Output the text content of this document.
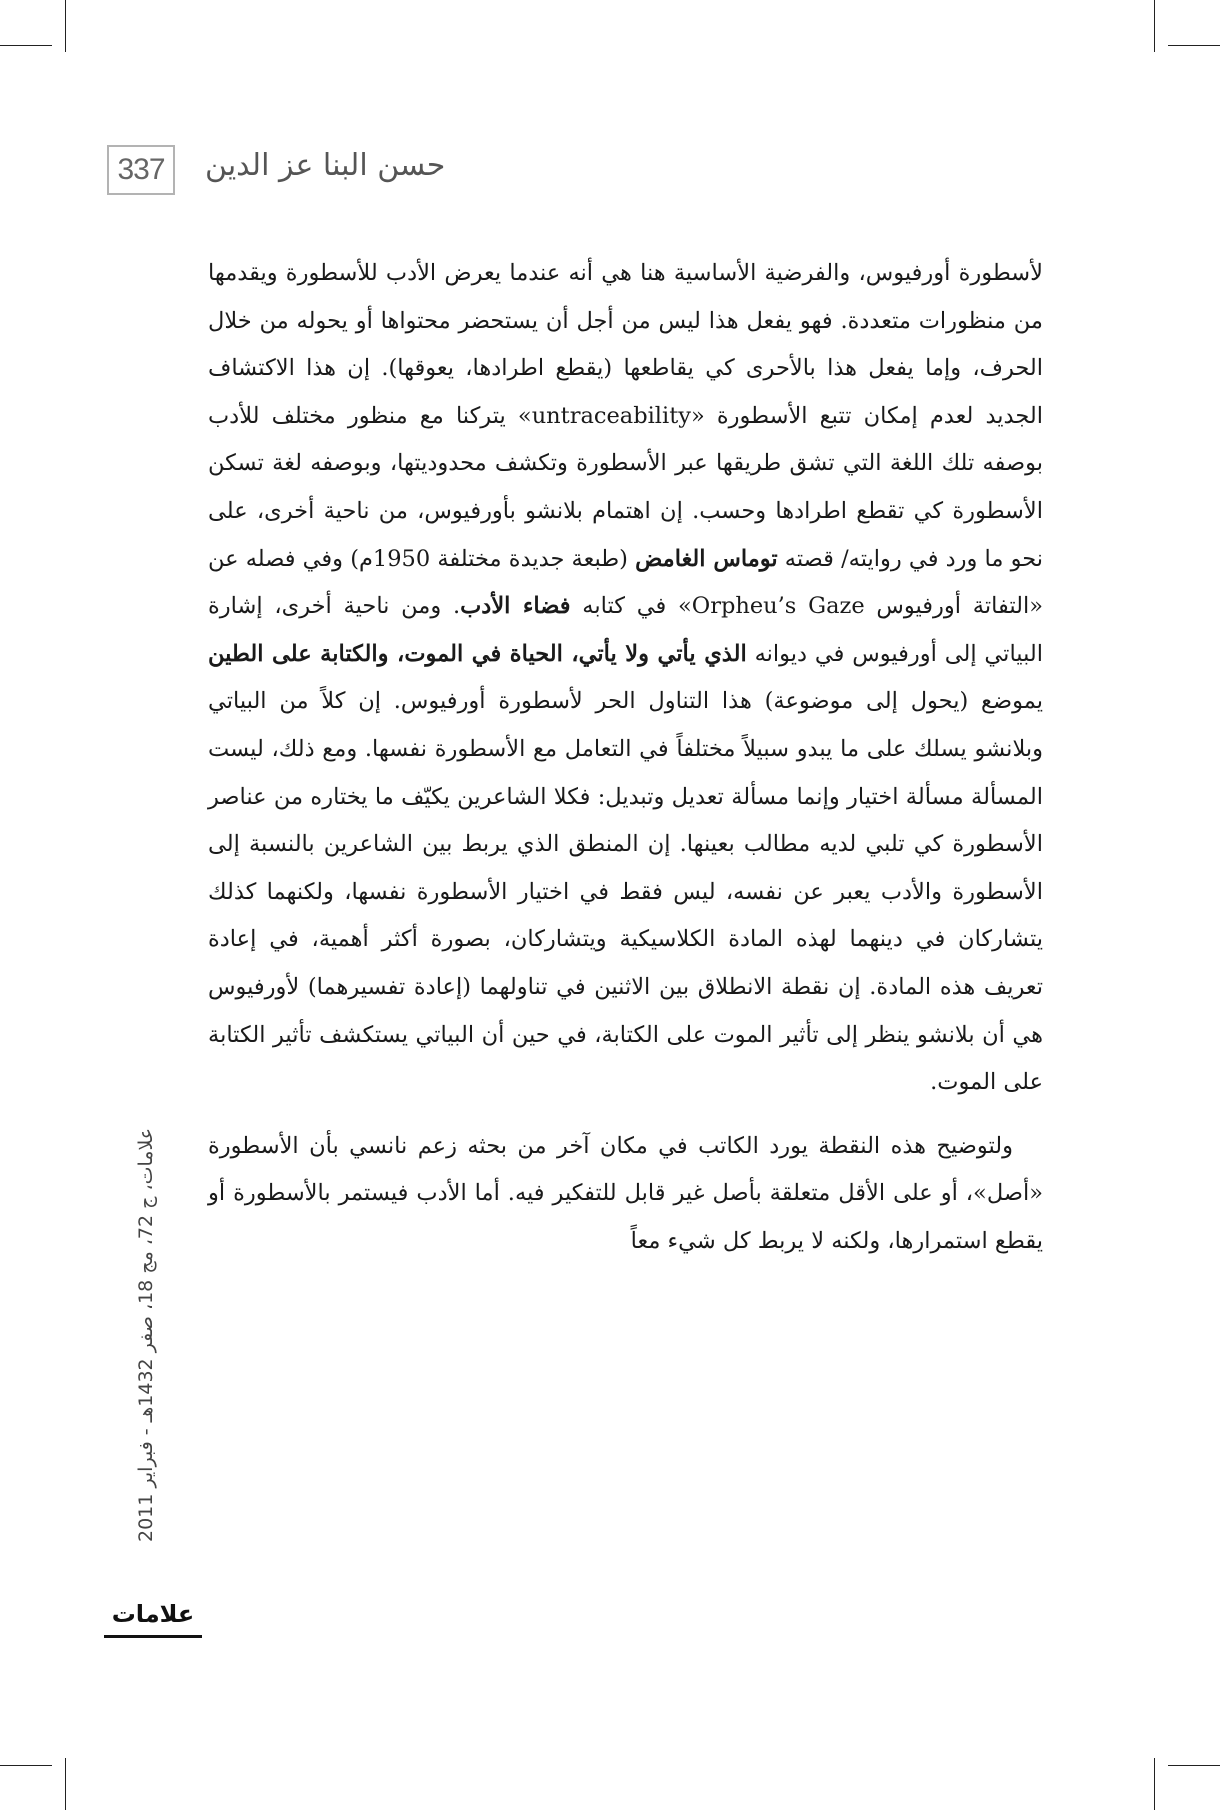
337	حسن البنا عز الدين

لأسطورة أورفيوس، والفرضية الأساسية هنا هي أنه عندما يعرض الأدب للأسطورة ويقدمها من منظورات متعددة. فهو يفعل هذا ليس من أجل أن يستحضر محتواها أو يحوله من خلال الحرف، وإما يفعل هذا بالأحرى كي يقاطعها (يقطع اطرادها، يعوقها). إن هذا الاكتشاف الجديد لعدم إمكان تتبع الأسطورة «untraceability» يتركنا مع منظور مختلف للأدب بوصفه تلك اللغة التي تشق طريقها عبر الأسطورة وتكشف محدوديتها، وبوصفه لغة تسكن الأسطورة كي تقطع اطرادها وحسب. إن اهتمام بلانشو بأورفيوس، من ناحية أخرى، على نحو ما ورد في روايته/ قصته توماس الغامض (طبعة جديدة مختلفة 1950م) وفي فصله عن «التفاتة أورفيوس Orpheu’s Gaze» في كتابه فضاء الأدب. ومن ناحية أخرى، إشارة البياتي إلى أورفيوس في ديوانه الذي يأتي ولا يأتي، الحياة في الموت، والكتابة على الطين يموضع (يحول إلى موضوعة) هذا التناول الحر لأسطورة أورفيوس. إن كلاً من البياتي وبلانشو يسلك على ما يبدو سبيلاً مختلفاً في التعامل مع الأسطورة نفسها. ومع ذلك، ليست المسألة مسألة اختيار وإنما مسألة تعديل وتبديل: فكلا الشاعرين يكيّف ما يختاره من عناصر الأسطورة كي تلبي لديه مطالب بعينها. إن المنطق الذي يربط بين الشاعرين بالنسبة إلى الأسطورة والأدب يعبر عن نفسه، ليس فقط في اختيار الأسطورة نفسها، ولكنهما كذلك يتشاركان في دينهما لهذه المادة الكلاسيكية ويتشاركان، بصورة أكثر أهمية، في إعادة تعريف هذه المادة. إن نقطة الانطلاق بين الاثنين في تناولهما (إعادة تفسيرهما) لأورفيوس هي أن بلانشو ينظر إلى تأثير الموت على الكتابة، في حين أن البياتي يستكشف تأثير الكتابة على الموت.

ولتوضيح هذه النقطة يورد الكاتب في مكان آخر من بحثه زعم نانسي بأن الأسطورة «أصل»، أو على الأقل متعلقة بأصل غير قابل للتفكير فيه. أما الأدب فيستمر بالأسطورة أو يقطع استمرارها، ولكنه لا يربط كل شيء معاً

علامات، ج 72، مج 18، صفر 1432هـ - فبراير 2011
علامات
